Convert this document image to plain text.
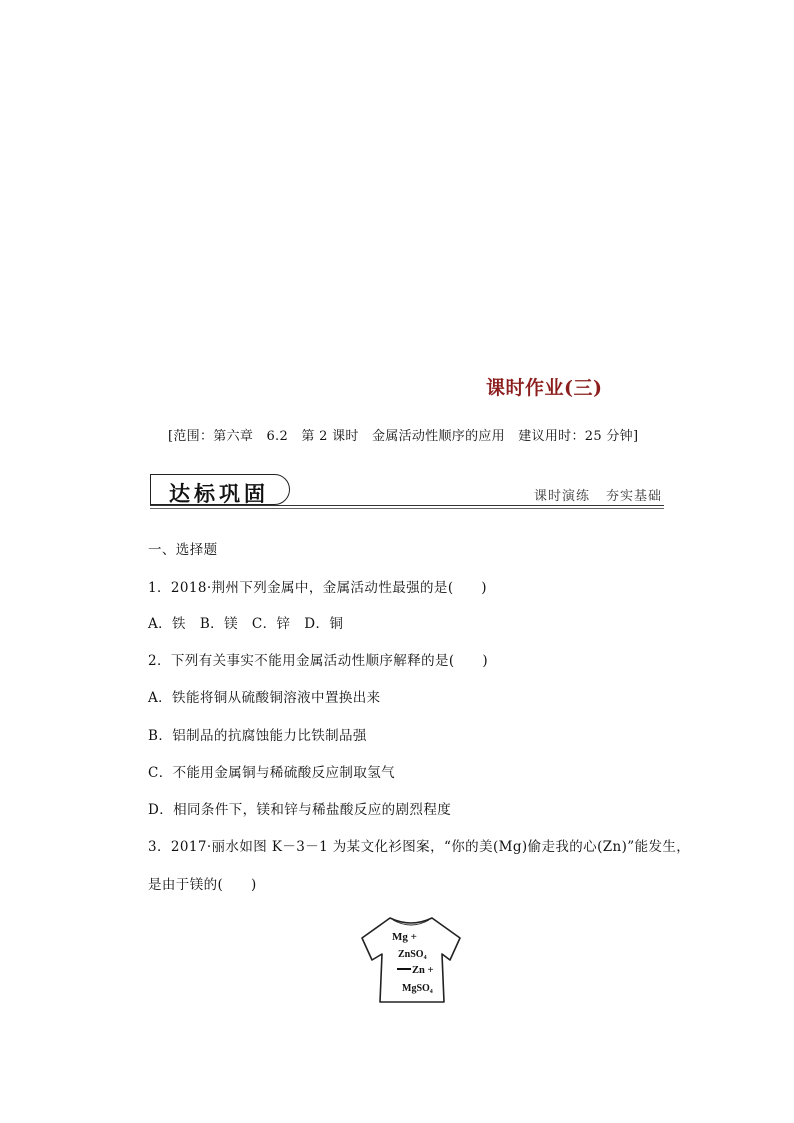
课时作业(三)
[范围：第六章　6.2　第 2 课时　金属活动性顺序的应用　建议用时：25 分钟]
达标巩固	课时演练 夯实基础
一、选择题
1．2018·荆州下列金属中，金属活动性最强的是(　　)
A．铁　B．镁　C．锌　D．铜
2．下列有关事实不能用金属活动性顺序解释的是(　　)
A．铁能将铜从硫酸铜溶液中置换出来
B．铝制品的抗腐蚀能力比铁制品强
C．不能用金属铜与稀硫酸反应制取氢气
D．相同条件下，镁和锌与稀盐酸反应的剧烈程度
3．2017·丽水如图 K－3－1 为某文化衫图案，“你的美(Mg)偷走我的心(Zn)”能发生，
是由于镁的(　　)
Mg +
ZnSO$_4$
Zn +
MgSO$_4$
